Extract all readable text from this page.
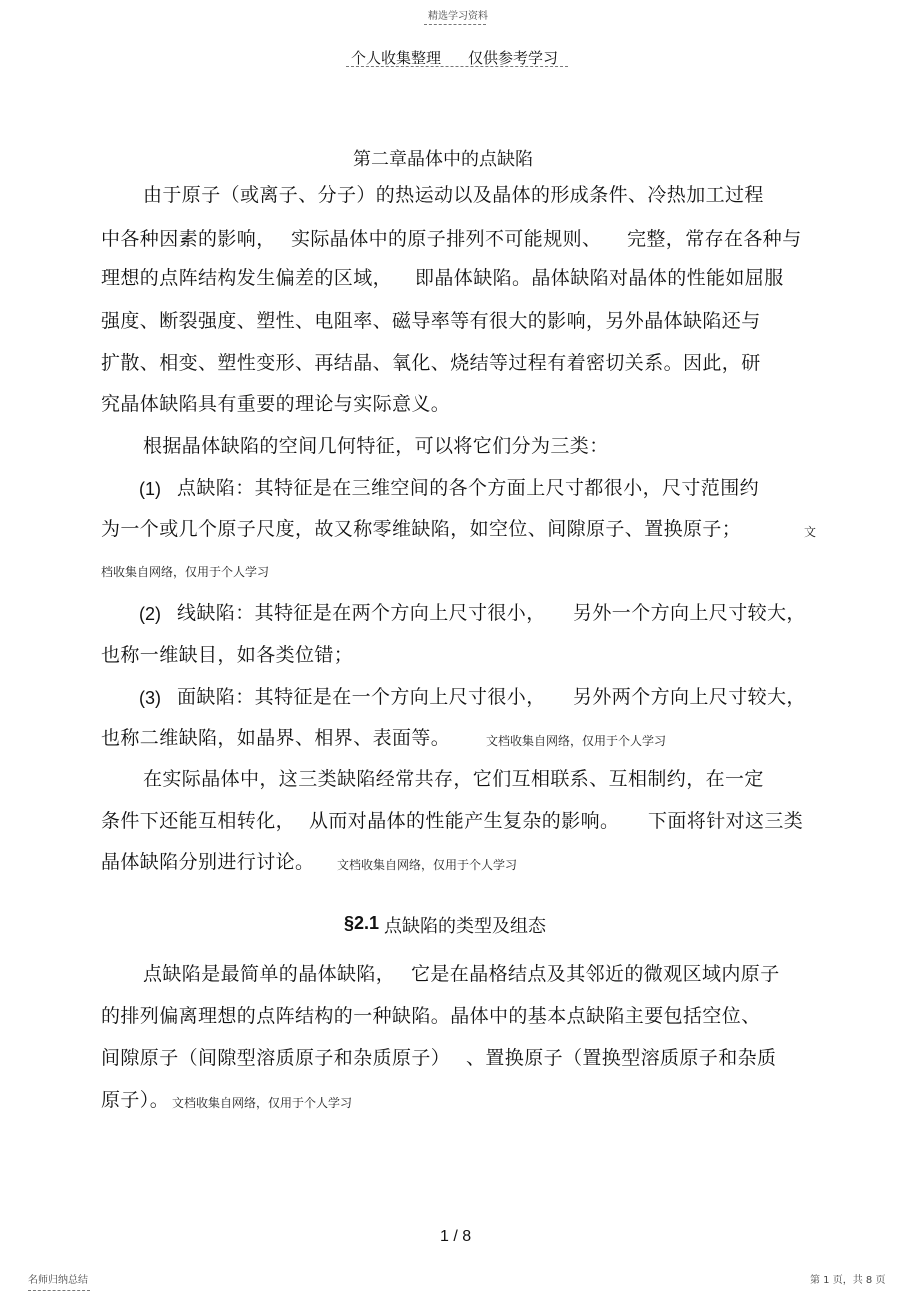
精选学习资料
个人收集整理 仅供参考学习
第二章晶体中的点缺陷
由于原子（或离子、分子）的热运动以及晶体的形成条件、冷热加工过程
中各种因素的影响， 实际晶体中的原子排列不可能规则、 完整，常存在各种与
理想的点阵结构发生偏差的区域， 即晶体缺陷。晶体缺陷对晶体的性能如屈服
强度、断裂强度、塑性、电阻率、磁导率等有很大的影响，另外晶体缺陷还与
扩散、相变、塑性变形、再结晶、氧化、烧结等过程有着密切关系。因此，研
究晶体缺陷具有重要的理论与实际意义。
根据晶体缺陷的空间几何特征，可以将它们分为三类：
(1) 点缺陷：其特征是在三维空间的各个方面上尺寸都很小，尺寸范围约
为一个或几个原子尺度，故又称零维缺陷，如空位、间隙原子、置换原子；	文
档收集自网络，仅用于个人学习
(2) 线缺陷：其特征是在两个方向上尺寸很小， 另外一个方向上尺寸较大，
也称一维缺目，如各类位错；
(3) 面缺陷：其特征是在一个方向上尺寸很小， 另外两个方向上尺寸较大，
也称二维缺陷，如晶界、相界、表面等。	文档收集自网络，仅用于个人学习
在实际晶体中，这三类缺陷经常共存，它们互相联系、互相制约，在一定
条件下还能互相转化， 从而对晶体的性能产生复杂的影响。 下面将针对这三类
晶体缺陷分别进行讨论。 文档收集自网络，仅用于个人学习
§2.1 点缺陷的类型及组态
点缺陷是最简单的晶体缺陷， 它是在晶格结点及其邻近的微观区域内原子
的排列偏离理想的点阵结构的一种缺陷。晶体中的基本点缺陷主要包括空位、
间隙原子（间隙型溶质原子和杂质原子） 、置换原子（置换型溶质原子和杂质
原子）。 文档收集自网络，仅用于个人学习
1 / 8
名师归纳总结	第 1 页，共 8 页
